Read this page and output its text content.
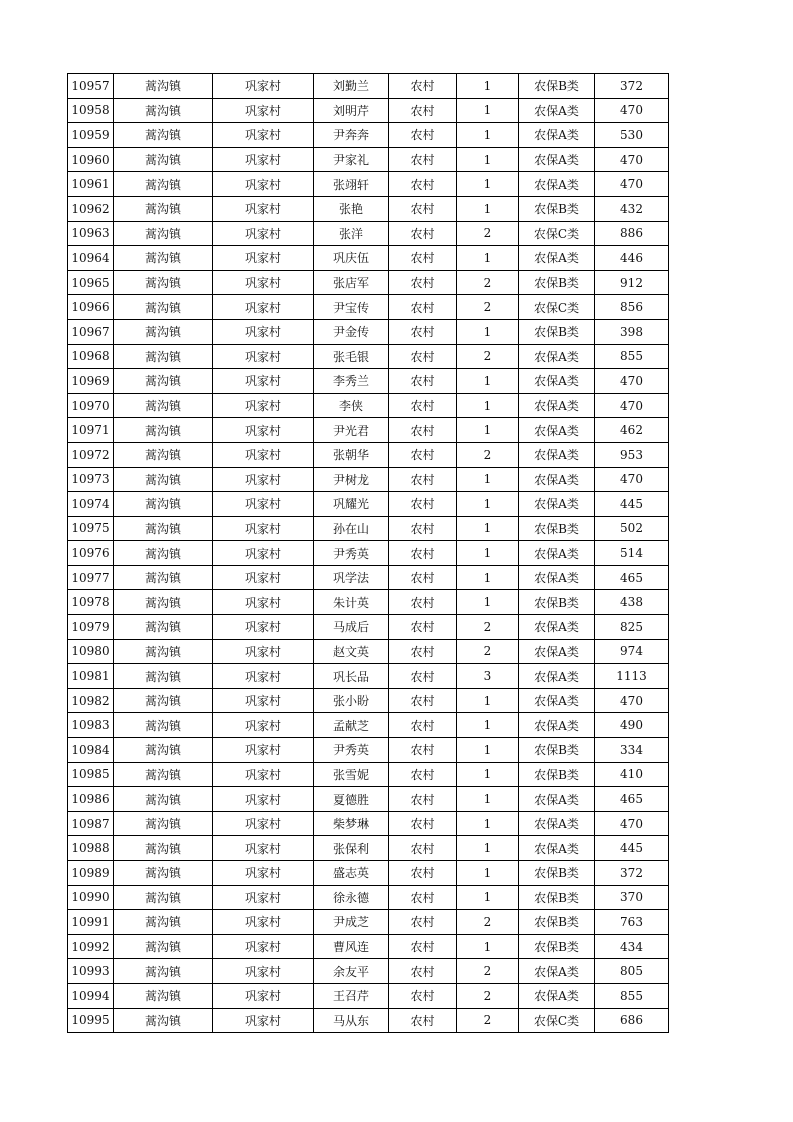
10957	蒿沟镇	巩家村	刘勤兰	农村	1	农保B类	372
10958	蒿沟镇	巩家村	刘明芹	农村	1	农保A类	470
10959	蒿沟镇	巩家村	尹奔奔	农村	1	农保A类	530
10960	蒿沟镇	巩家村	尹家礼	农村	1	农保A类	470
10961	蒿沟镇	巩家村	张翊轩	农村	1	农保A类	470
10962	蒿沟镇	巩家村	张艳	农村	1	农保B类	432
10963	蒿沟镇	巩家村	张洋	农村	2	农保C类	886
10964	蒿沟镇	巩家村	巩庆伍	农村	1	农保A类	446
10965	蒿沟镇	巩家村	张店军	农村	2	农保B类	912
10966	蒿沟镇	巩家村	尹宝传	农村	2	农保C类	856
10967	蒿沟镇	巩家村	尹金传	农村	1	农保B类	398
10968	蒿沟镇	巩家村	张毛银	农村	2	农保A类	855
10969	蒿沟镇	巩家村	李秀兰	农村	1	农保A类	470
10970	蒿沟镇	巩家村	李侠	农村	1	农保A类	470
10971	蒿沟镇	巩家村	尹光君	农村	1	农保A类	462
10972	蒿沟镇	巩家村	张朝华	农村	2	农保A类	953
10973	蒿沟镇	巩家村	尹树龙	农村	1	农保A类	470
10974	蒿沟镇	巩家村	巩耀光	农村	1	农保A类	445
10975	蒿沟镇	巩家村	孙在山	农村	1	农保B类	502
10976	蒿沟镇	巩家村	尹秀英	农村	1	农保A类	514
10977	蒿沟镇	巩家村	巩学法	农村	1	农保A类	465
10978	蒿沟镇	巩家村	朱计英	农村	1	农保B类	438
10979	蒿沟镇	巩家村	马成后	农村	2	农保A类	825
10980	蒿沟镇	巩家村	赵文英	农村	2	农保A类	974
10981	蒿沟镇	巩家村	巩长品	农村	3	农保A类	1113
10982	蒿沟镇	巩家村	张小盼	农村	1	农保A类	470
10983	蒿沟镇	巩家村	孟献芝	农村	1	农保A类	490
10984	蒿沟镇	巩家村	尹秀英	农村	1	农保B类	334
10985	蒿沟镇	巩家村	张雪妮	农村	1	农保B类	410
10986	蒿沟镇	巩家村	夏德胜	农村	1	农保A类	465
10987	蒿沟镇	巩家村	柴梦琳	农村	1	农保A类	470
10988	蒿沟镇	巩家村	张保利	农村	1	农保A类	445
10989	蒿沟镇	巩家村	盛志英	农村	1	农保B类	372
10990	蒿沟镇	巩家村	徐永德	农村	1	农保B类	370
10991	蒿沟镇	巩家村	尹成芝	农村	2	农保B类	763
10992	蒿沟镇	巩家村	曹风连	农村	1	农保B类	434
10993	蒿沟镇	巩家村	余友平	农村	2	农保A类	805
10994	蒿沟镇	巩家村	王召芹	农村	2	农保A类	855
10995	蒿沟镇	巩家村	马从东	农村	2	农保C类	686
